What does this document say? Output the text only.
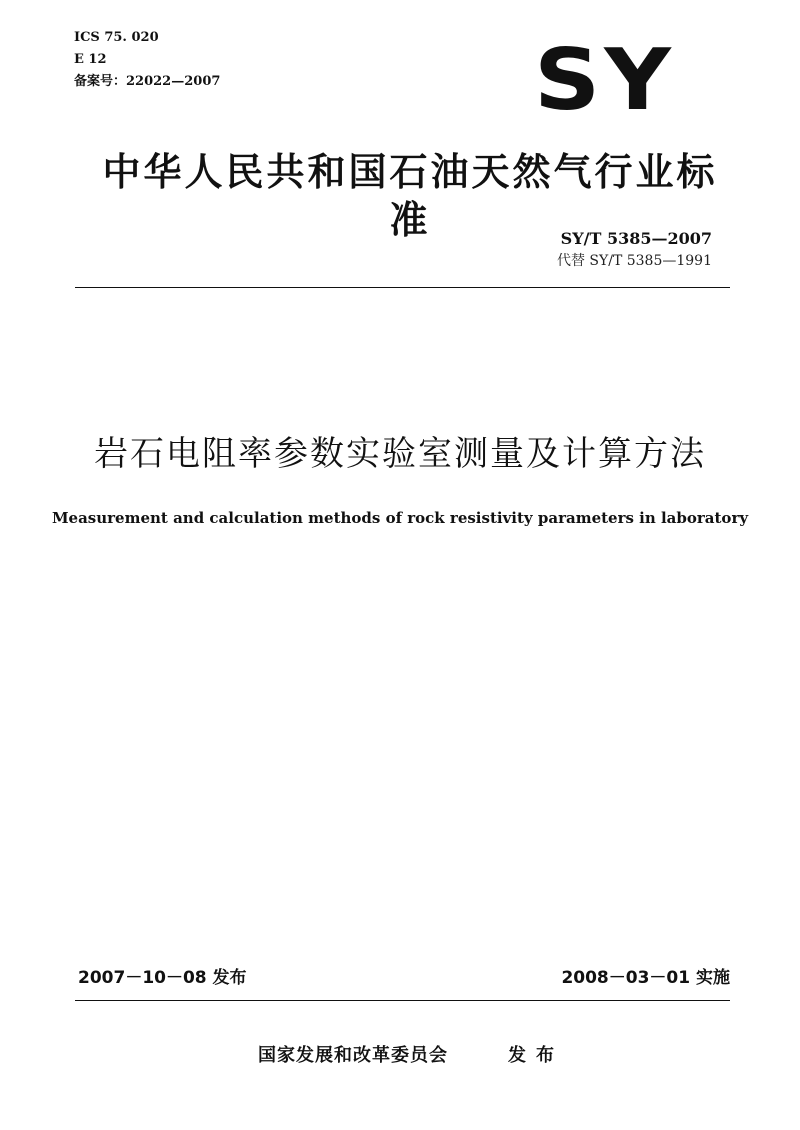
ICS 75. 020
E 12
备案号：22022—2007	SY
中华人民共和国石油天然气行业标准	SY/T 5385—2007
代替 SY/T 5385—1991
岩石电阻率参数实验室测量及计算方法
Measurement and calculation methods of rock resistivity parameters in laboratory
2007－10－08 发布	2008－03－01 实施
国家发展和改革委员会	发布
